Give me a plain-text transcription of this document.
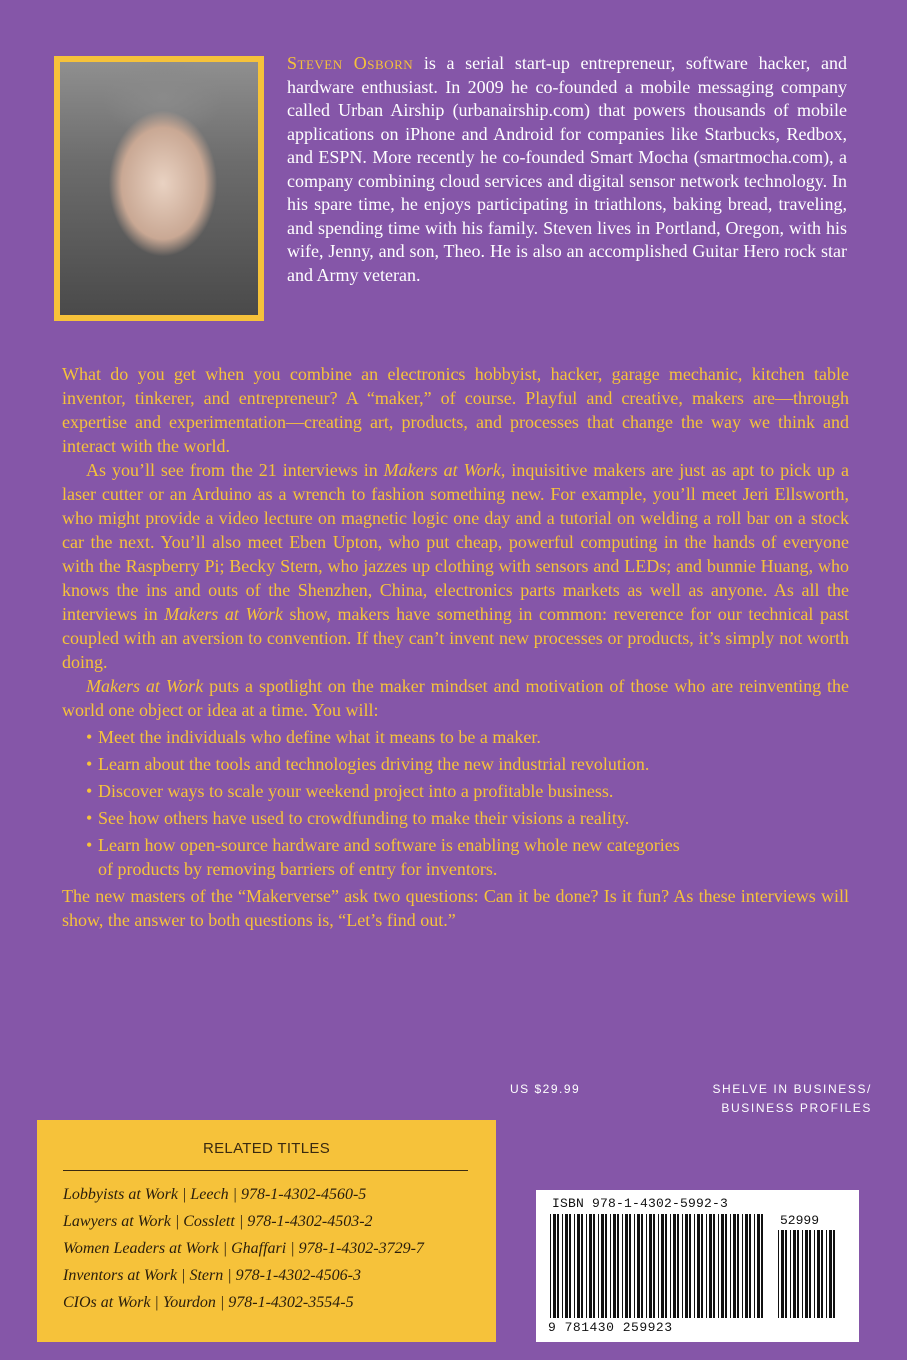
Steven Osborn is a serial start-up entrepreneur, software hacker, and hardware enthusiast. In 2009 he co-founded a mobile messaging company called Urban Airship (urbanairship.com) that powers thousands of mobile applications on iPhone and Android for companies like Starbucks, Redbox, and ESPN. More recently he co-founded Smart Mocha (smartmocha.com), a company combining cloud services and digital sensor network technology. In his spare time, he enjoys participating in triathlons, baking bread, traveling, and spending time with his family. Steven lives in Portland, Oregon, with his wife, Jenny, and son, Theo. He is also an accomplished Guitar Hero rock star and Army veteran.

What do you get when you combine an electronics hobbyist, hacker, garage mechanic, kitchen table inventor, tinkerer, and entrepreneur? A “maker,” of course. Playful and creative, makers are—through expertise and experimentation—creating art, products, and processes that change the way we think and interact with the world.

As you’ll see from the 21 interviews in Makers at Work, inquisitive makers are just as apt to pick up a laser cutter or an Arduino as a wrench to fashion something new. For example, you’ll meet Jeri Ellsworth, who might provide a video lecture on magnetic logic one day and a tutorial on welding a roll bar on a stock car the next. You’ll also meet Eben Upton, who put cheap, powerful computing in the hands of everyone with the Raspberry Pi; Becky Stern, who jazzes up clothing with sensors and LEDs; and bunnie Huang, who knows the ins and outs of the Shenzhen, China, electronics parts markets as well as anyone. As all the interviews in Makers at Work show, makers have something in common: reverence for our technical past coupled with an aversion to convention. If they can’t invent new processes or products, it’s simply not worth doing.

Makers at Work puts a spotlight on the maker mindset and motivation of those who are reinventing the world one object or idea at a time. You will:

• Meet the individuals who define what it means to be a maker.
• Learn about the tools and technologies driving the new industrial revolution.
• Discover ways to scale your weekend project into a profitable business.
• See how others have used to crowdfunding to make their visions a reality.
• Learn how open-source hardware and software is enabling whole new categories
of products by removing barriers of entry for inventors.

The new masters of the “Makerverse” ask two questions: Can it be done? Is it fun? As these interviews will show, the answer to both questions is, “Let’s find out.”

US $29.99	SHELVE IN BUSINESS/
BUSINESS PROFILES
RELATED TITLES
Lobbyists at Work | Leech | 978-1-4302-4560-5
Lawyers at Work | Cosslett | 978-1-4302-4503-2
Women Leaders at Work | Ghaffari | 978-1-4302-3729-7
Inventors at Work | Stern | 978-1-4302-4506-3
CIOs at Work | Yourdon | 978-1-4302-3554-5
ISBN 978-1-4302-5992-3
52999
9 781430 259923
